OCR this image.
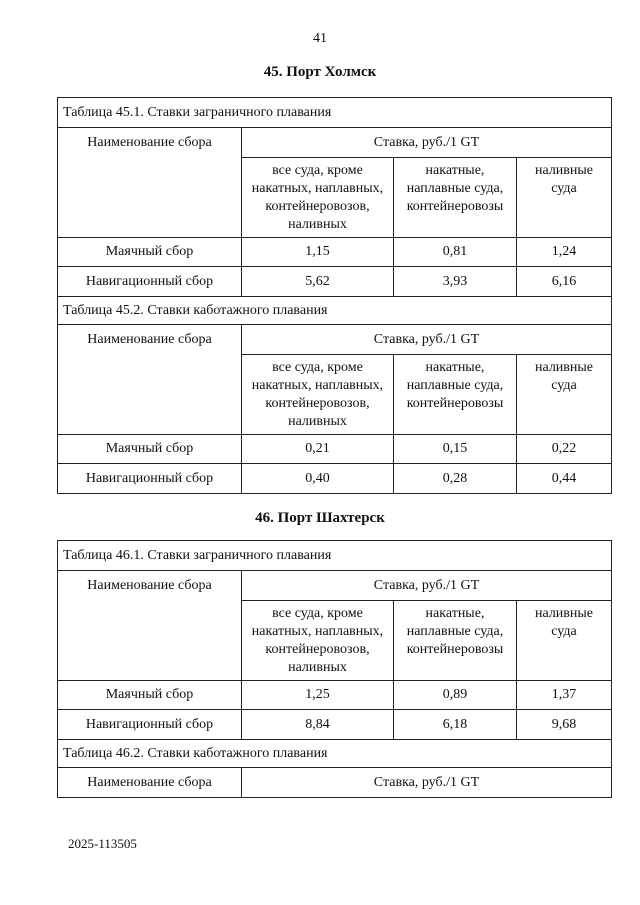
41
45. Порт Холмск
Таблица 45.1. Ставки заграничного плавания			
Наименование сбора	Ставка, руб./1 GT		
	все суда, кроме накатных, наплавных, контейнеровозов, наливных	накатные, наплавные суда, контейнеровозы	наливные суда
Маячный сбор	1,15	0,81	1,24
Навигационный сбор	5,62	3,93	6,16
Таблица 45.2. Ставки каботажного плавания			
Наименование сбора	Ставка, руб./1 GT		
	все суда, кроме накатных, наплавных, контейнеровозов, наливных	накатные, наплавные суда, контейнеровозы	наливные суда
Маячный сбор	0,21	0,15	0,22
Навигационный сбор	0,40	0,28	0,44
46. Порт Шахтерск
Таблица 46.1. Ставки заграничного плавания			
Наименование сбора	Ставка, руб./1 GT		
	все суда, кроме накатных, наплавных, контейнеровозов, наливных	накатные, наплавные суда, контейнеровозы	наливные суда
Маячный сбор	1,25	0,89	1,37
Навигационный сбор	8,84	6,18	9,68
Таблица 46.2. Ставки каботажного плавания			
Наименование сбора	Ставка, руб./1 GT		
2025-113505
